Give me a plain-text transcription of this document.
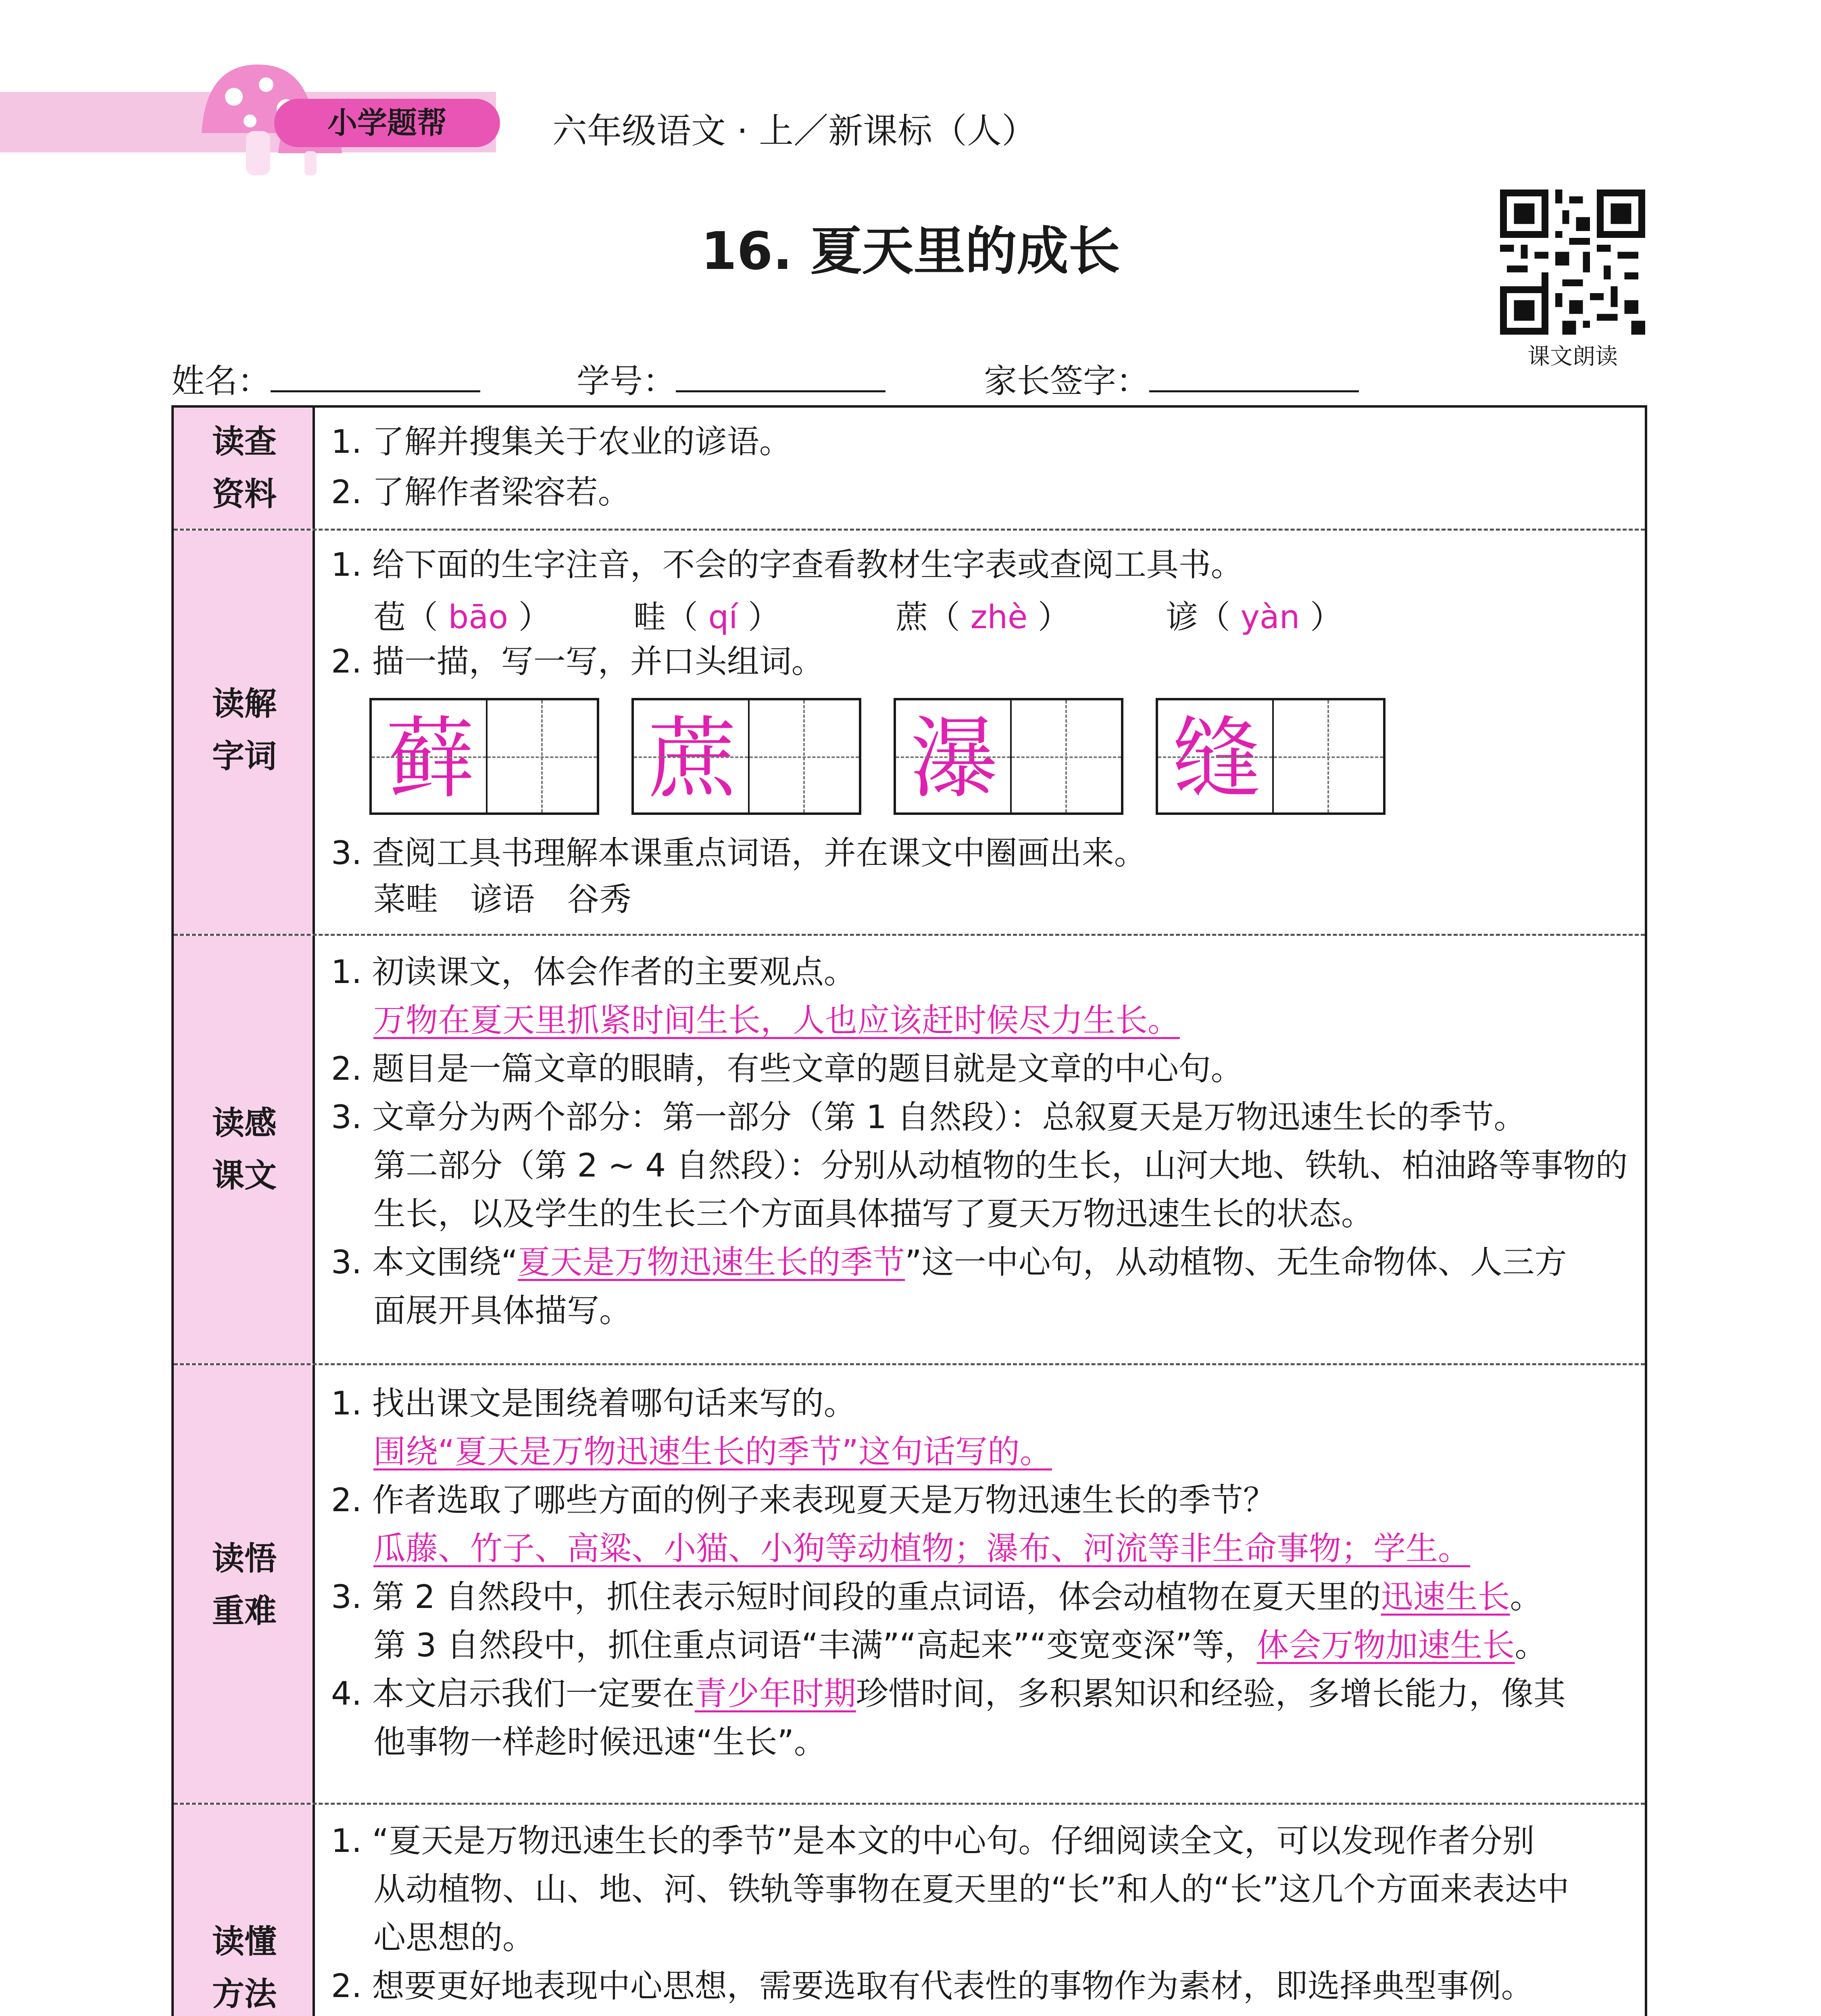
小学题帮	六年级语文 · 上／新课标（人）
16. 夏天里的成长
课文朗读
姓名：	学号：	家长签字：
读查
资料
1. 了解并搜集关于农业的谚语。
2. 了解作者梁容若。
读解
字词
1. 给下面的生字注音，不会的字查看教材生字表或查阅工具书。
苞（ bāo ）	畦（ qí ）	蔗（ zhè ）	谚（ yàn ）
2. 描一描，写一写，并口头组词。
藓 蔗 瀑 缝
3. 查阅工具书理解本课重点词语，并在课文中圈画出来。
菜畦　谚语　谷秀
读感
课文
1. 初读课文，体会作者的主要观点。
万物在夏天里抓紧时间生长，人也应该赶时候尽力生长。
2. 题目是一篇文章的眼睛，有些文章的题目就是文章的中心句。
3. 文章分为两个部分：第一部分（第 1 自然段）：总叙夏天是万物迅速生长的季节。
第二部分（第 2 ~ 4 自然段）：分别从动植物的生长，山河大地、铁轨、柏油路等事物的
生长，以及学生的生长三个方面具体描写了夏天万物迅速生长的状态。
3. 本文围绕“夏天是万物迅速生长的季节”这一中心句，从动植物、无生命物体、人三方
面展开具体描写。
读悟
重难
1. 找出课文是围绕着哪句话来写的。
围绕“夏天是万物迅速生长的季节”这句话写的。
2. 作者选取了哪些方面的例子来表现夏天是万物迅速生长的季节？
瓜藤、竹子、高粱、小猫、小狗等动植物；瀑布、河流等非生命事物；学生。
3. 第 2 自然段中，抓住表示短时间段的重点词语，体会动植物在夏天里的迅速生长。
第 3 自然段中，抓住重点词语“丰满”“高起来”“变宽变深”等，体会万物加速生长。
4. 本文启示我们一定要在青少年时期珍惜时间，多积累知识和经验，多增长能力，像其
他事物一样趁时候迅速“生长”。
读懂
方法
1. “夏天是万物迅速生长的季节”是本文的中心句。仔细阅读全文，可以发现作者分别
从动植物、山、地、河、铁轨等事物在夏天里的“长”和人的“长”这几个方面来表达中
心思想的。
2. 想要更好地表现中心思想，需要选取有代表性的事物作为素材，即选择典型事例。
